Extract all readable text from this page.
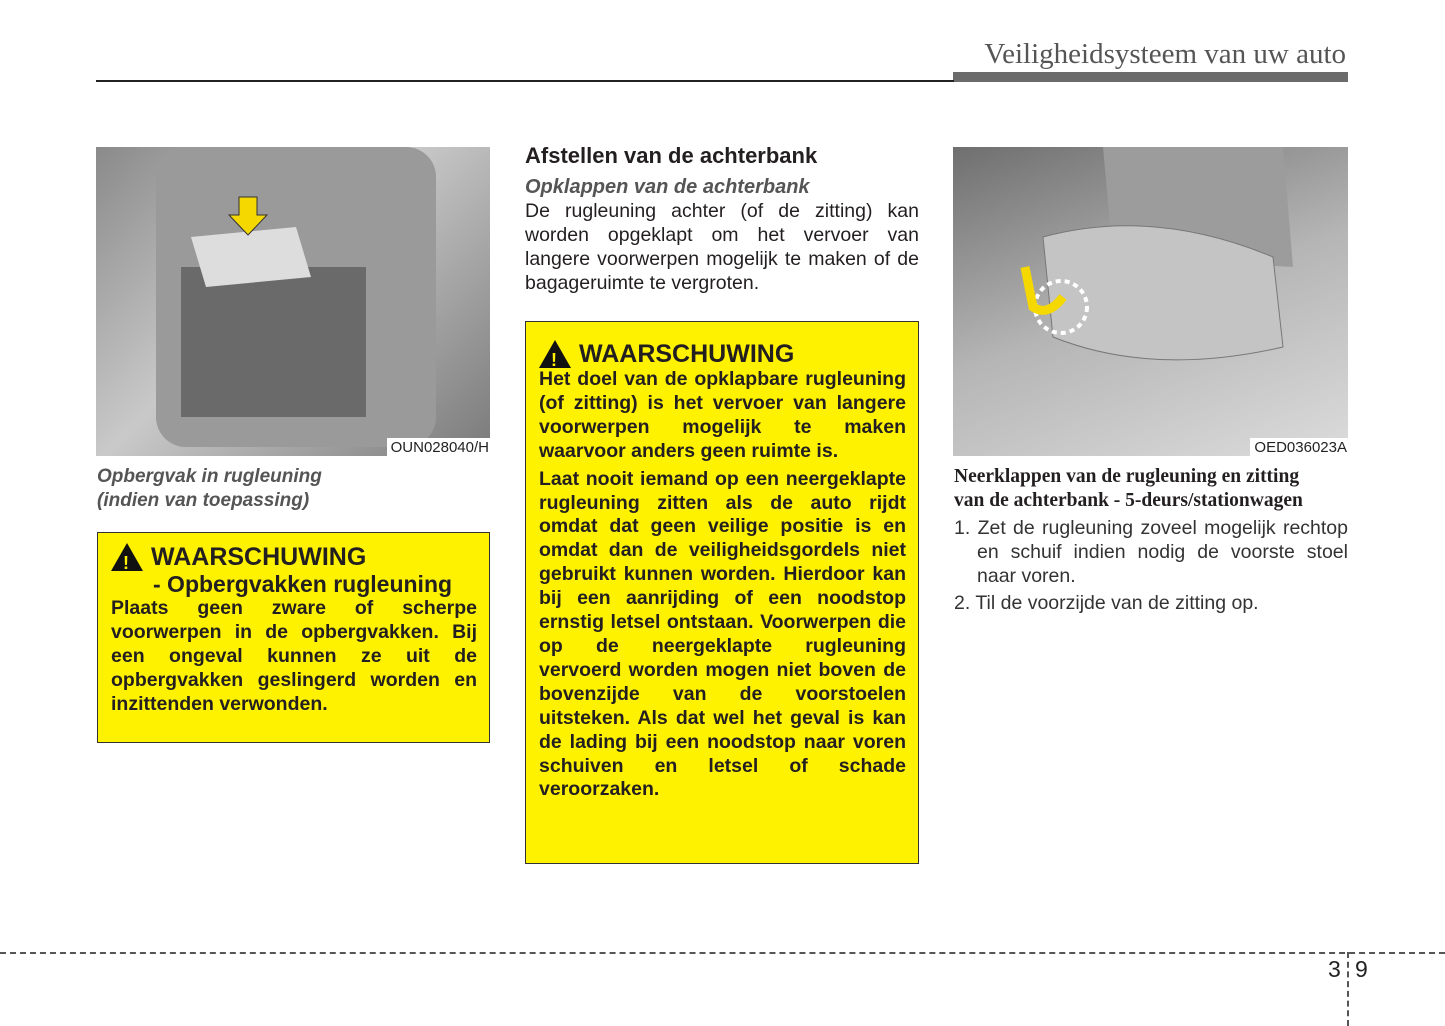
Veiligheidsysteem van uw auto
OUN028040/H
Opbergvak in rugleuning
(indien van toepassing)
!
WAARSCHUWING
- Opbergvakken rugleuning
Plaats geen zware of scherpe voorwerpen in de opbergvakken. Bij een ongeval kunnen ze uit de opbergvakken geslingerd worden en inzittenden verwonden.
Afstellen van de achterbank
Opklappen van de achterbank
De rugleuning achter (of de zitting) kan worden opgeklapt om het vervoer van langere voorwerpen mogelijk te maken of de bagageruimte te vergroten.
!
WAARSCHUWING
Het doel van de opklapbare rugleuning (of zitting) is het vervoer van langere voorwerpen mogelijk te maken waarvoor anders geen ruimte is.
Laat nooit iemand op een neergeklapte rugleuning zitten als de auto rijdt omdat dat geen veilige positie is en omdat dan de veiligheidsgordels niet gebruikt kunnen worden. Hierdoor kan bij een aanrijding of een noodstop ernstig letsel ontstaan. Voorwerpen die op de neergeklapte rugleuning vervoerd worden mogen niet boven de bovenzijde van de voorstoelen uitsteken. Als dat wel het geval is kan de lading bij een noodstop naar voren schuiven en letsel of schade veroorzaken.
OED036023A
Neerklappen van de rugleuning en zitting
van de achterbank - 5-deurs/stationwagen
1. Zet de rugleuning zoveel mogelijk rechtop en schuif indien nodig de voorste stoel naar voren.
2. Til de voorzijde van de zitting op.
3 9
